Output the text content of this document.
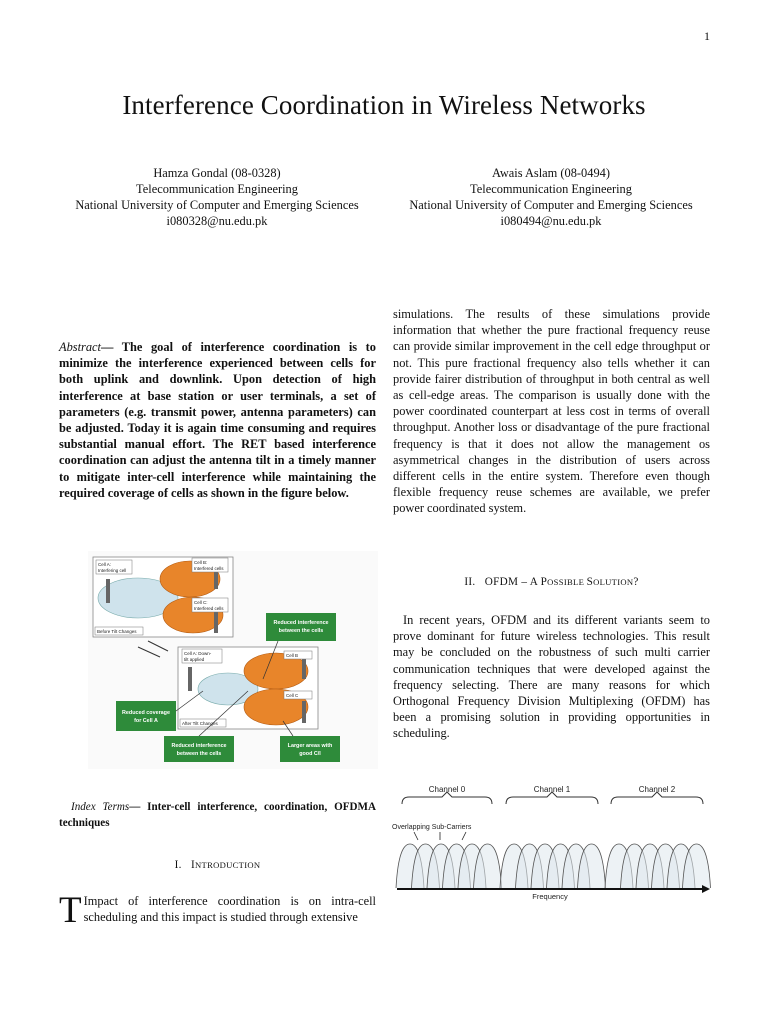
1
Interference Coordination in Wireless Networks
Hamza Gondal (08-0328)
Telecommunication Engineering
National University of Computer and Emerging Sciences
i080328@nu.edu.pk
Awais Aslam (08-0494)
Telecommunication Engineering
National University of Computer and Emerging Sciences
i080494@nu.edu.pk
Abstract— The goal of interference coordination is to minimize the interference experienced between cells for both uplink and downlink. Upon detection of high interference at base station or user terminals, a set of parameters (e.g. transmit power, antenna parameters) can be adjusted. Today it is again time consuming and requires substantial manual effort. The RET based interference coordination can adjust the antenna tilt in a timely manner to mitigate inter-cell interference while maintaining the required coverage of cells as shown in the figure below.
simulations. The results of these simulations provide information that whether the pure fractional frequency reuse can provide similar improvement in the cell edge throughput or not. This pure fractional frequency also tells whether it can provide fairer distribution of throughput in both central as well as cell-edge areas. The comparison is usually done with the power coordinated counterpart at less cost in terms of overall throughput. Another loss or disadvantage of the pure fractional frequency is that it does not allow the management os asymmetrical changes in the distribution of users across different cells in the entire system. Therefore even though flexible frequency reuse schemes are available, we prefer power coordinated system.
Cell A:
Interfering cell
Cell B:
Interfered cells
Cell C:
Interfered cells
Before Tilt Changes
Cell A: Down-
tilt applied
Cell B
Cell C
After Tilt Changes
Reduced interference
between the cells
Reduced coverage
for Cell A
Reduced interference
between the cells
Larger areas with
good C/I
II. OFDM – A POSSIBLE SOLUTION?
In recent years, OFDM and its different variants seem to prove dominant for future wireless technologies. This result may be concluded on the robustness of such multi carrier communication techniques that were developed against the frequency selecting. There are many reasons for which Orthogonal Frequency Division Multiplexing (OFDM) has been a promising solution in providing opportunities in scheduling.
Channel 0	Channel 1	Channel 2
Overlapping Sub-Carriers
Frequency
Index Terms— Inter-cell interference, coordination, OFDMA techniques
I. INTRODUCTION
T Impact of interference coordination is on intra-cell scheduling and this impact is studied through extensive
